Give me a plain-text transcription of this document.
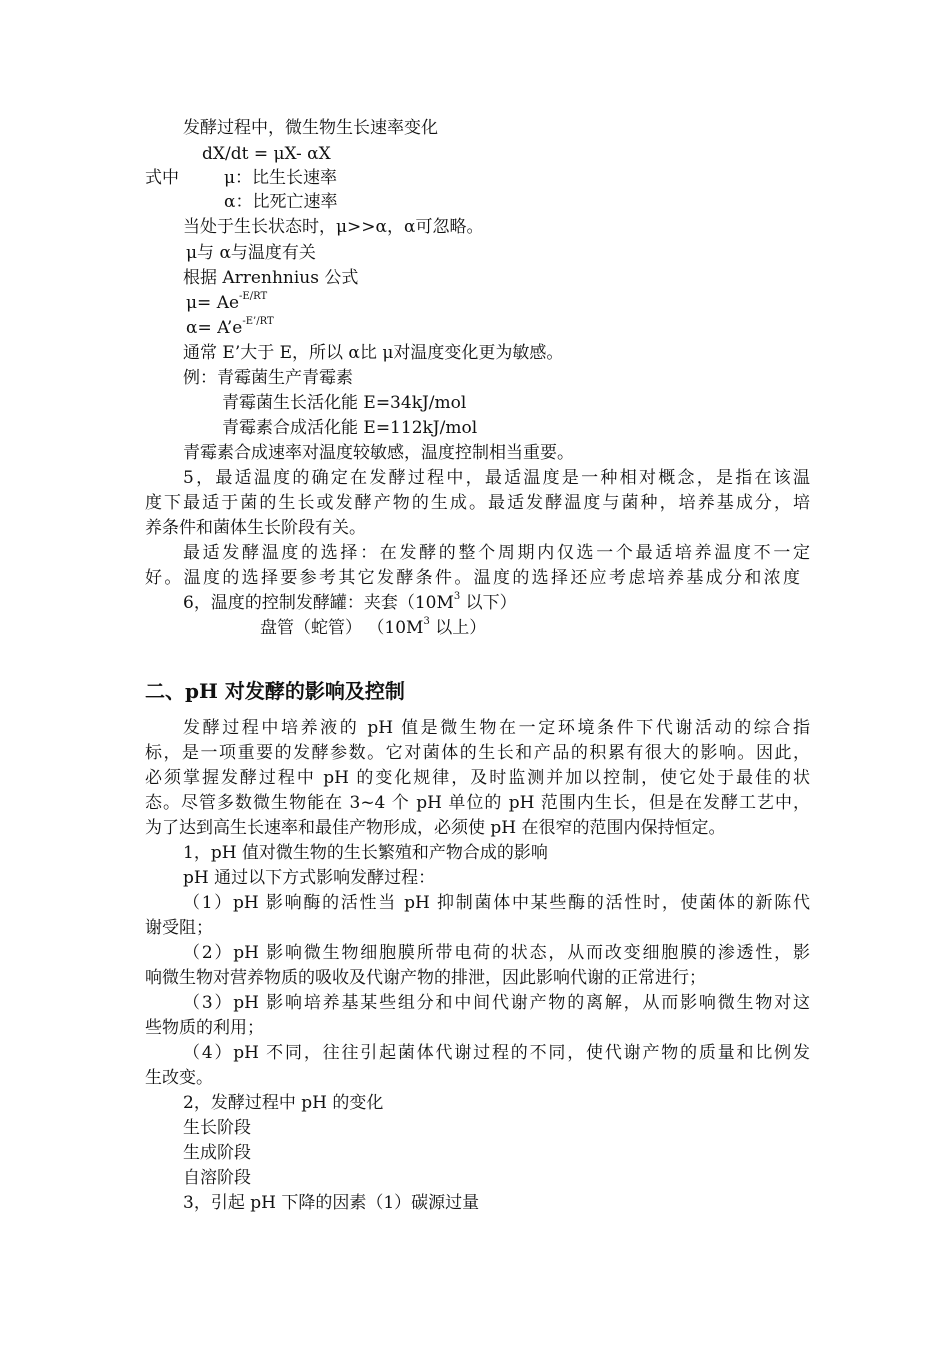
发酵过程中，微生物生长速率变化
dX/dt = μX- αX
式中	μ：比生长速率
α：比死亡速率
当处于生长状态时，μ>>α，α可忽略。
μ与 α与温度有关
根据 Arrenhnius 公式
$\mu= Ae^{-E/RT}$
$\alpha= A’e^{-E’/RT}$
通常 E’大于 E，所以 α比 μ对温度变化更为敏感。
例：青霉菌生产青霉素
青霉菌生长活化能 E=34kJ/mol
青霉素合成活化能 E=112kJ/mol
青霉素合成速率对温度较敏感，温度控制相当重要。
5，最适温度的确定在发酵过程中，最适温度是一种相对概念，是指在该温
度下最适于菌的生长或发酵产物的生成。最适发酵温度与菌种，培养基成分，培
养条件和菌体生长阶段有关。
最适发酵温度的选择：在发酵的整个周期内仅选一个最适培养温度不一定
好。温度的选择要参考其它发酵条件。温度的选择还应考虑培养基成分和浓度
6，温度的控制发酵罐：夹套（$10M^3$ 以下）
盘管（蛇管） （$10M^3$ 以上）
二、pH 对发酵的影响及控制
发酵过程中培养液的 pH 值是微生物在一定环境条件下代谢活动的综合指
标，是一项重要的发酵参数。它对菌体的生长和产品的积累有很大的影响。因此，
必须掌握发酵过程中 pH 的变化规律，及时监测并加以控制，使它处于最佳的状
态。尽管多数微生物能在 3~4 个 pH 单位的 pH 范围内生长，但是在发酵工艺中，
为了达到高生长速率和最佳产物形成，必须使 pH 在很窄的范围内保持恒定。
1，pH 值对微生物的生长繁殖和产物合成的影响
pH 通过以下方式影响发酵过程：
（1）pH 影响酶的活性当 pH 抑制菌体中某些酶的活性时，使菌体的新陈代
谢受阻；
（2）pH 影响微生物细胞膜所带电荷的状态，从而改变细胞膜的渗透性，影
响微生物对营养物质的吸收及代谢产物的排泄，因此影响代谢的正常进行；
（3）pH 影响培养基某些组分和中间代谢产物的离解，从而影响微生物对这
些物质的利用；
（4）pH 不同，往往引起菌体代谢过程的不同，使代谢产物的质量和比例发
生改变。
2，发酵过程中 pH 的变化
生长阶段
生成阶段
自溶阶段
3，引起 pH 下降的因素（1）碳源过量
